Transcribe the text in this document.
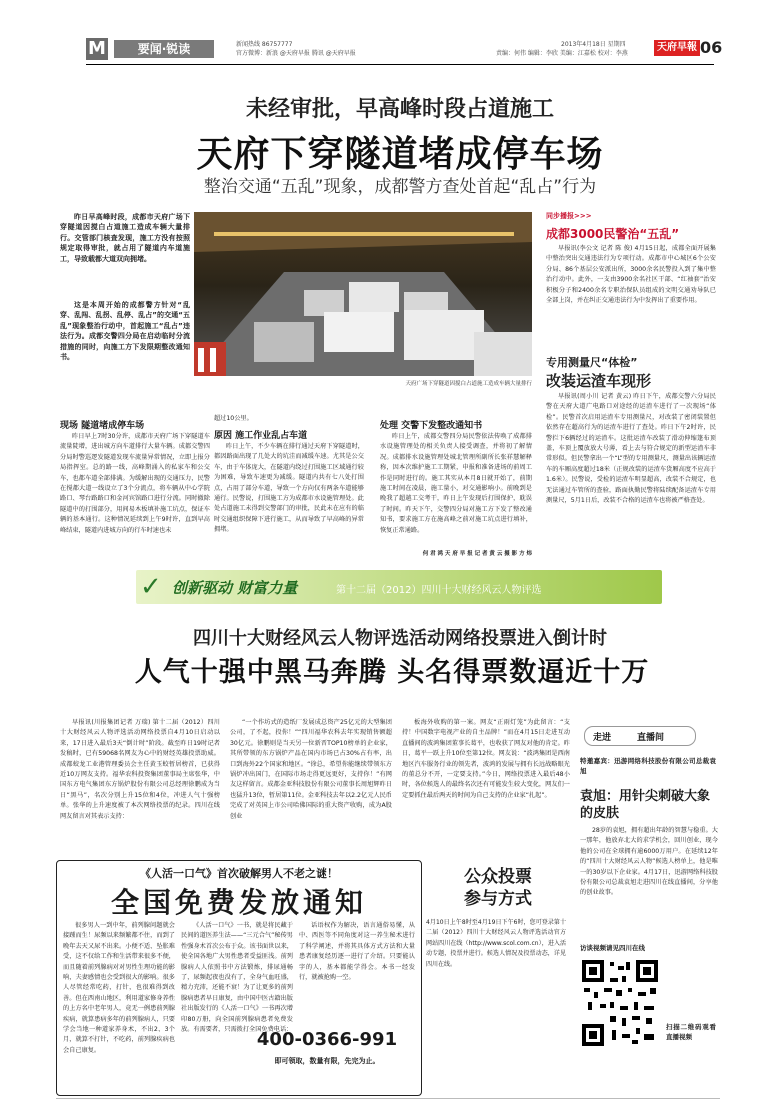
M	要闻·锐读	新闻热线 86757777
官方微博：新浪 @天府早报 腾讯 @天府早报
2013年4月18日 星期四
责编：何伟 编辑：李欣 美编：江嘉松 校对：李燕
天府早報 06
未经审批，早高峰时段占道施工
天府下穿隧道堵成停车场
整治交通“五乱”现象，成都警方查处首起“乱占”行为
昨日早高峰时段，成都市天府广场下穿隧道因搅白占道施工造成车辆大量排行。交管部门核查发现，施工方没有按照规定取得审批，就占用了隧道内车道施工，导致载都大道双向拥堵。
这是本周开始的成都警方针对“乱穿、乱闯、乱拐、乱停、乱占”的交通“五乱”现象整治行动中，首起施工“乱占”违法行为。成都交警四分局在启动临时分流措施的同时，向施工方下发限期整改通知书。
天府广场下穿隧道因搅白占道施工造成车辆大量排行
同步播报>>>
成都3000民警治“五乱”
早报讯(李公文 记者 陈 俊) 4月15日起，成都全面开展集中整治突出交通违法行为专项行动。成都市中心城区6个公安分局、86个基层公安派出所，3000余名民警投入到了集中整治行动中。此外，一支由3900余名社区干部、“红袖套”治安积极分子和2400余名专职治保队员组成的文明交通劝导队已全部上岗，并在纠正交通违法行为中发挥出了重要作用。
专用测量尺“体检”
改装运渣车现形
早报讯(周小川 记者 黄云) 昨日下午，成都交警六分局民警在天府大道广电路口对途经的运渣车进行了一次现场“体检”。民警首次启用运渣车专用测量尺，对改装了密闭装置但依然存在超高行为的运渣车进行了查处。昨日下午2时许，民警拦下6辆经过的运渣车。这批运渣车改装了滑动伸缩篷布顶盖，车顶上覆放放大号薄，看上去与符合规定的新型运渣车非常形似。但民警拿出一个“L”型的专用测量尺，测量出该辆运渣车的车厢高度超过18米（正规改装的运渣车货厢高度不应高于1.6米）。民警说，受检的运渣车明显超高，改装不合规定，也无法通过车管所的查验，路面执勤民警将陆续配备运渣车专用测量尺，5月1日后，改装不合格的运渣车也将被严格查处。
现场 隧道堵成停车场
昨日早上7时30分许，成都市天府广场下穿隧道车流量陡增，进出城方向车道排行大量车辆。成都交警四分局时警巡逻发隧道发现车流量异常情况，立即上报分局指挥室。总的路一线，高峰期涌入的私家车和公交车，也都车道全部排满。为缓解出现的交通压力，民警在搅都大道一线设立了3个分流点，将车辆从中心学院路口、琴台路路口和金河宾馆路口进行分流。同时撤除隧道中的打围部分，用间易木板填补施工坑点，保证车辆的基本通行。这种情况延续到上午9时许，直到早高峰结束，隧道内进城方向的行车时速也未
超过10公里。
原因 施工作业乱占车道
昨日上午，不少车辆在排行通过天府下穿隧道时，都因路面出现了几处大的坑洼而减缓车速。尤其是公交车，由于车体庞大，在隧道内绕过打围施工区域通行较为困难，导致车速更为减缓。隧道内共有七八处打围点，占用了部分车道，导致一个方向仅有两条车道能够通行。民警说，打围施工方为成都市水设施管理处。此处占道施工未得到交警部门的审批，民此未在应有的临时交通组织保障下进行施工，从而导致了早高峰的异常拥堵。
处理 交警下发整改通知书
昨日上午，成都交警四分局民警依法传唤了成都排水设施管理处的相关负责人接受调查，并将初了解情况。成都排水设施管理处城北管理所副所长张祥慧解释称，因本次维护施工工期紧，申报和准备进场的前周工作是同时进行的。施工其实从本月8日就开始了，前期施工时间在凌晨，施工量小，对交通影响小。前晚到是晚我了超越工交考干，昨日上午发现后打围保护，耽误了时间。昨天下午，交警四分局对施工方下发了整改通知书，要求施工方在施高峰之前对施工坑点进行填补，恢复正常通路。
何 君 鸿 天 府 早 报 记 者 黄 云 摄 影 方 炜
✓ 创新驱动 财富力量	第十二届（2012）四川十大财经风云人物评选
四川十大财经风云人物评选活动网络投票进入倒计时
人气十强中黑马奔腾 头名得票数逼近十万
早报讯(川报集团记者 万瑞) 第十二届（2012）四川十大财经风云人物评选活动网络投票自4月10日启动以来，17日进入最后3天“倒计时”阶段。截至昨日19时记者发稿时，已有59068名网友为心中的财经英雄投票助威。成都蛟龙工业港管理委员会主任黄玉蛟暂居榜首，已获得近10万网友支持。福华农科投资集团董事局主席张华，中国东方电气集团东方锅炉股份有限公司总经理徐鹏成为当日“黑马”，名次分别上升15位和4位，冲进人气十强榜单。张华的上升速度被了本次网络投票的纪录。四川在线网友留言对其表示支持：
“一个作坊式的造纸厂发展成总资产25亿元的大型集团公司，了不起，投你！”“四川福华农科去年实现销售额超30亿元。徐鹏则是当天另一位新晋TOP10榜单的企业家，其所带领的东方锅炉产品在国内市场已占30%占有率，出口到海外22个国家和地区。“徐总，希望你能继续带领东方锅炉冲出国门，在国际市场走得更远更好，支持你！”有网友这样留言。成都金亚科技股份有限公司董事长周旭辉昨日也猛升13位，暂居第11位。金亚科技去年以2.2亿元人民币完成了对英国上市公司哈佛国际的重大资产收购，成为A股创业
板海外收购的第一案。网友“正雨灯笼”为此留言：“支持！中国数字电视产业的自主品牌！”而在4月15日走进互动直播间的波鸿集团董事长葛平，也收获了网友对他的肯定。昨日，葛平一跃上升10位至第12位。网友说：“波鸿集团是西南地区汽车服务行业的领先者，波鸿的发展与拥有长远战略眼光的董总分不开，一定要支持。”今日，网络投票进入最后48小时，各位候选人的最终名次还有可能发生较大变化，网友们一定要抓住最后两天的时间为自己支持的企业家“扎起”。
走进	直播间
特邀嘉宾：迅游网络科技股份有限公司总裁袁旭
袁旭：用针尖刺破大象的皮肤
28岁的袁旭，拥有超出年龄的智慧与稳重。大一那年，他放弃北大的求学机会，回川创业，现今他的公司在全球拥有逾6000万用户。在延续12年的“四川十大财经风云人物”候选人榜单上，他是唯一的30岁以下企业家。4月17日，迅游网络科技股份有限公司总裁袁旭走进四川在线直播间，分享他的创业故事。
访谈视频请见四川在线
扫描二维码观看直播视频
《人活一口气》首次破解男人不老之谜！
全国免费发放通知
很多男人一到中年，前列腺问题就会接踵而生！尿频以来频繁都不住，而到了晚年去天又尿不出来。小便不适、坠胀难受，这不仅给工作和生活带来很多不便，而且随着前列腺病对对男性生理功能的影响，夫妻感情也会受到很大的影响。很多人尽管经常吃药，打针，也很难得到改善。但在西南山地区，利用道家修身养性的上方名中老年男人，竟无一例患前列腺疾病，就算患病多年的前列腺病人，只要学会当地一种道家养身术，不出2、3个月，就算不打针，不吃药，前列腺疾病也会自己康复。
《人活一口气》一书，就是将民藏于民间的道医养生法——“三元合气”秘传男性强身术首次公布于众。该书面世以来，使全国各地广大男性患者受益匪浅。前列腺病人人依照书中方法锻炼，排尿通畅了，尿频起夜也没有了，全身气血旺盛，精力充沛，还能不衰！为了让更多的前列腺病患者早日康复，由中国中医古籍出版社出版发行的《人活一口气》一书再次增印80万册，向全国前列腺病患者免费发放。有需要者，只需拨打全国免费电话：
话语权作为解决，语言通俗易懂，从中、西医等不同角度对这一养生秘术进行了科学阐述，并将其具体方式方法和大量患者康复经历逐一进行了介绍。只要能认字的人，基本都能学得会。本书一经发行，就被抢购一空。
400-0366-991
即可领取，数量有限，先完为止。
公众投票
参与方式
4月10日上午8时至4月19日下午6时，您可登录第十二届（2012）四川十大财经风云人物评选活动官方网站四川在线（http://www.scol.com.cn），进入活动专题，投票并进行。候选人情况及投票动态，详见四川在线。
